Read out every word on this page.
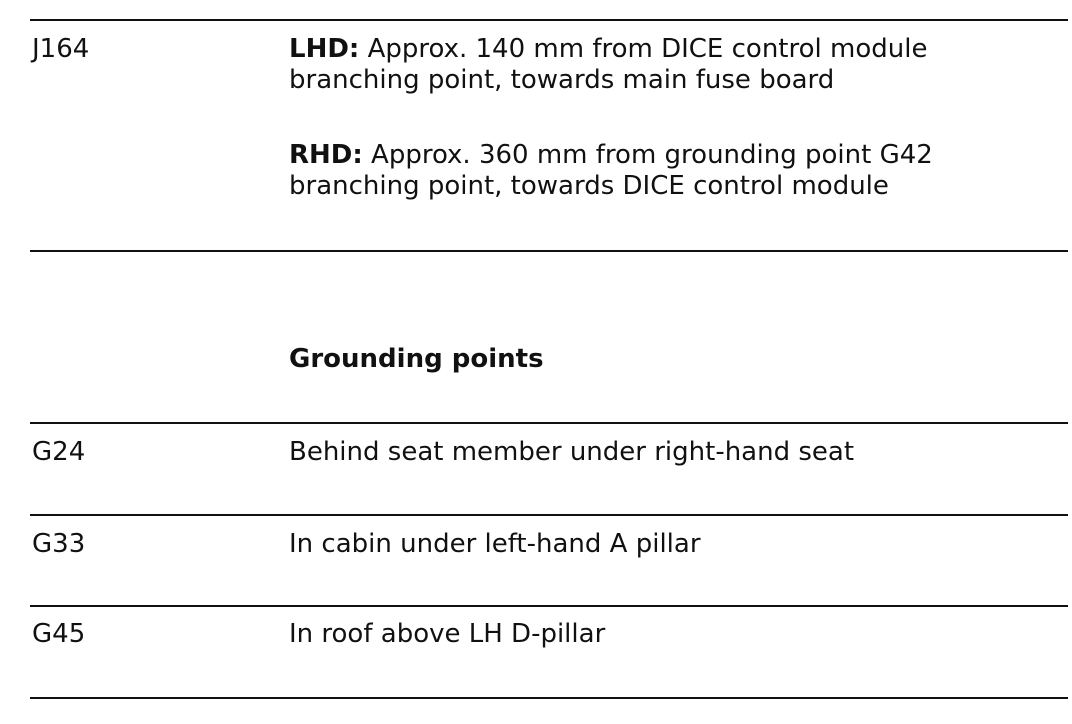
J164	LHD: Approx. 140 mm from DICE control module branching point, towards main fuse board
RHD: Approx. 360 mm from grounding point G42 branching point, towards DICE control module
Grounding points
G24	Behind seat member under right-hand seat
G33	In cabin under left-hand A pillar
G45	In roof above LH D-pillar
